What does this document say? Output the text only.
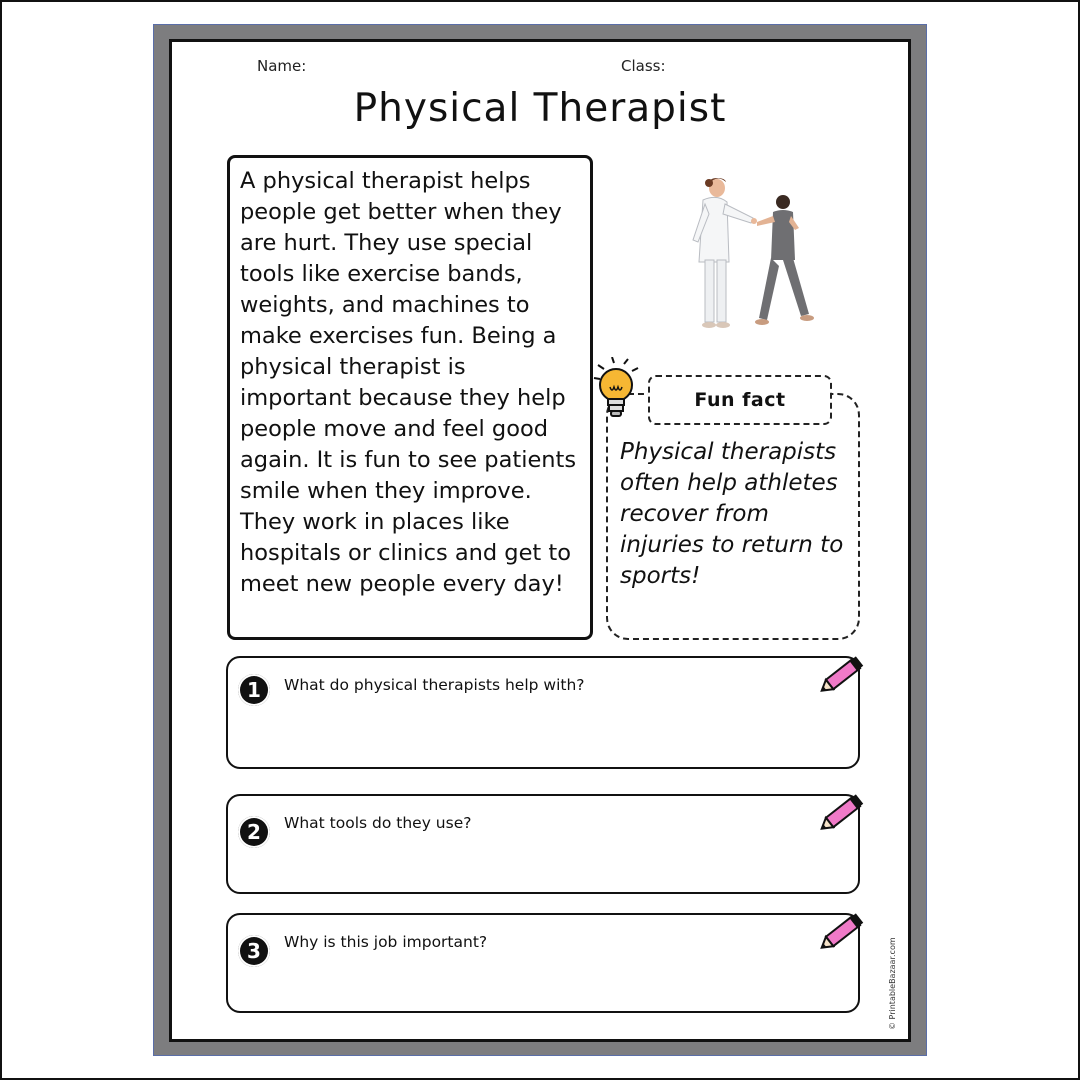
Name:	Class:
Physical Therapist
A physical therapist helps
people get better when they
are hurt. They use special
tools like exercise bands,
weights, and machines to
make exercises fun. Being a
physical therapist is
important because they help
people move and feel good
again. It is fun to see patients
smile when they improve.
They work in places like
hospitals or clinics and get to
meet new people every day!
Physical therapists
often help athletes
recover from
injuries to return to
sports!
Fun fact
1	What do physical therapists help with?
2	What tools do they use?
3	Why is this job important?	© PrintableBazaar.com
